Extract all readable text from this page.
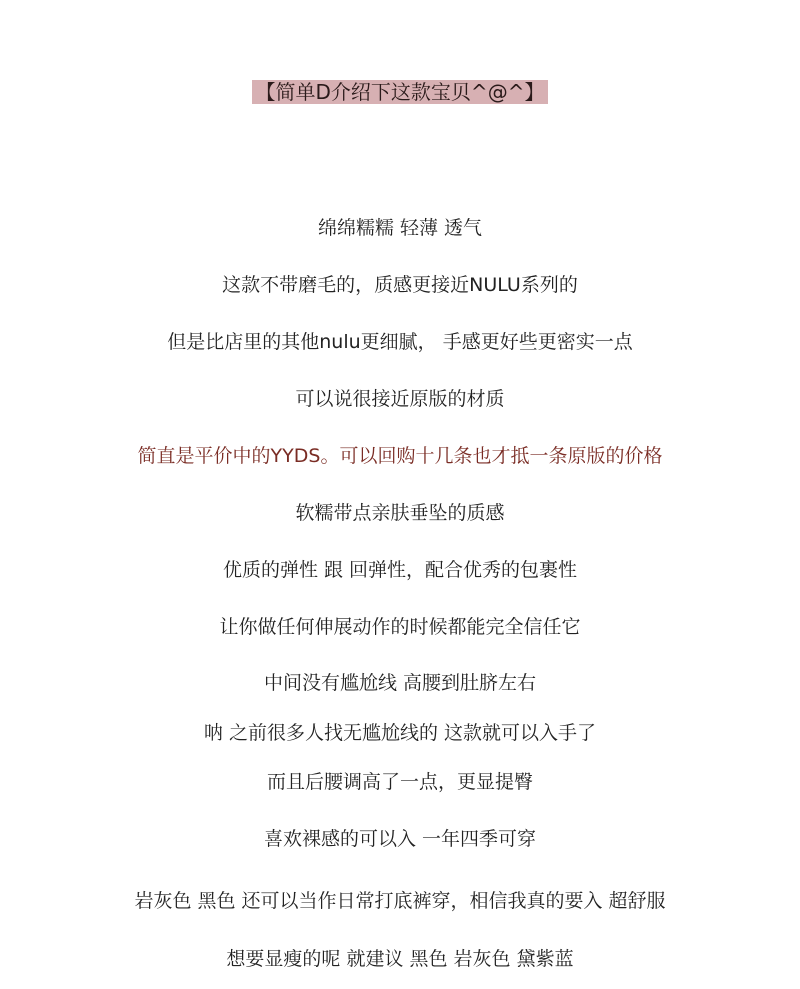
【简单D介绍下这款宝贝^@^】
绵绵糯糯 轻薄 透气
这款不带磨毛的，质感更接近NULU系列的
但是比店里的其他nulu更细腻， 手感更好些更密实一点
可以说很接近原版的材质
简直是平价中的YYDS。可以回购十几条也才抵一条原版的价格
软糯带点亲肤垂坠的质感
优质的弹性 跟 回弹性，配合优秀的包裹性
让你做任何伸展动作的时候都能完全信任它
中间没有尴尬线 高腰到肚脐左右
呐 之前很多人找无尴尬线的 这款就可以入手了
而且后腰调高了一点，更显提臀
喜欢裸感的可以入 一年四季可穿
岩灰色 黑色 还可以当作日常打底裤穿，相信我真的要入 超舒服
想要显瘦的呢 就建议 黑色 岩灰色 黛紫蓝
